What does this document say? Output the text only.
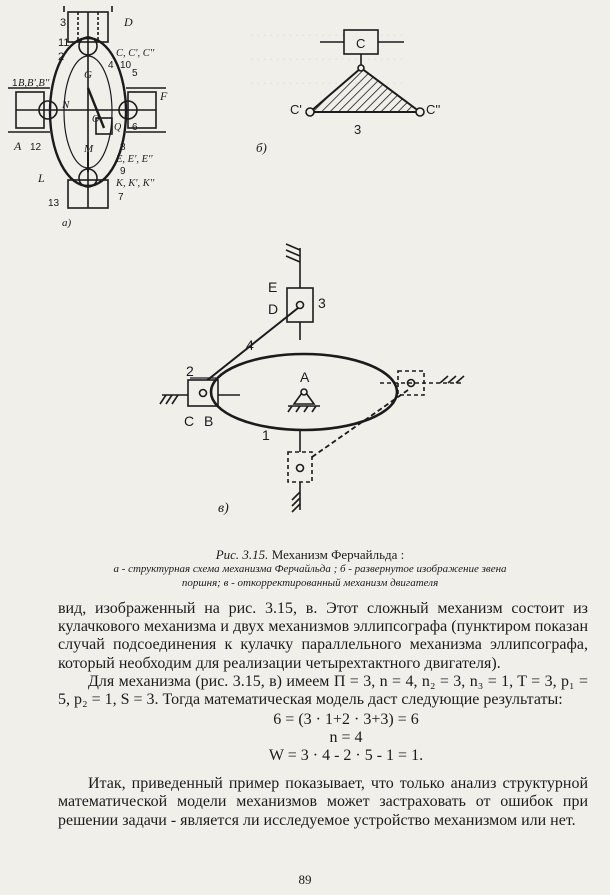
. . . . . . . . . . . . . . . . . . . . . . . .

. . . . . . . . . . . . . . . . . . . . . . . .

. . . . . . . . . . . . . . . . . . . . . . . .

3
11
2
D
C, C', C''
4 10
5
B,B',B''
1
F
G
N
O
Q 6
A 12	M	8
E, E', E''
9
L	K, K', K''
13
7
а)
C
C'	C''
3
б)
E
D	3
4
2
C B
A
1
в)
Рис. 3.15. Механизм Ферчайльда :
а - структурная схема механизма Ферчайльда ; б - развернутое изображение звена
поршня; в - откорректированный механизм двигателя

вид, изображенный на рис. 3.15, в. Этот сложный механизм состоит из кулачкового механизма и двух механизмов эллипсографа (пунктиром показан случай подсоединения к кулачку параллельного механизма эллипсографа, который необходим для реализации четырехтактного двигателя).

Для механизма (рис. 3.15, в) имеем П = 3, n = 4, n₂ = 3, n₃ = 1, T = 3, p₁ = 5, p₂ = 1, S = 3. Тогда математическая модель даст следующие результаты:

6 = (3 · 1+2 · 3+3) = 6
n = 4
W = 3 · 4 - 2 · 5 - 1 = 1.

Итак, приведенный пример показывает, что только анализ структурной математической модели механизмов может застраховать от ошибок при решении задачи - является ли исследуемое устройство механизмом или нет.

89
